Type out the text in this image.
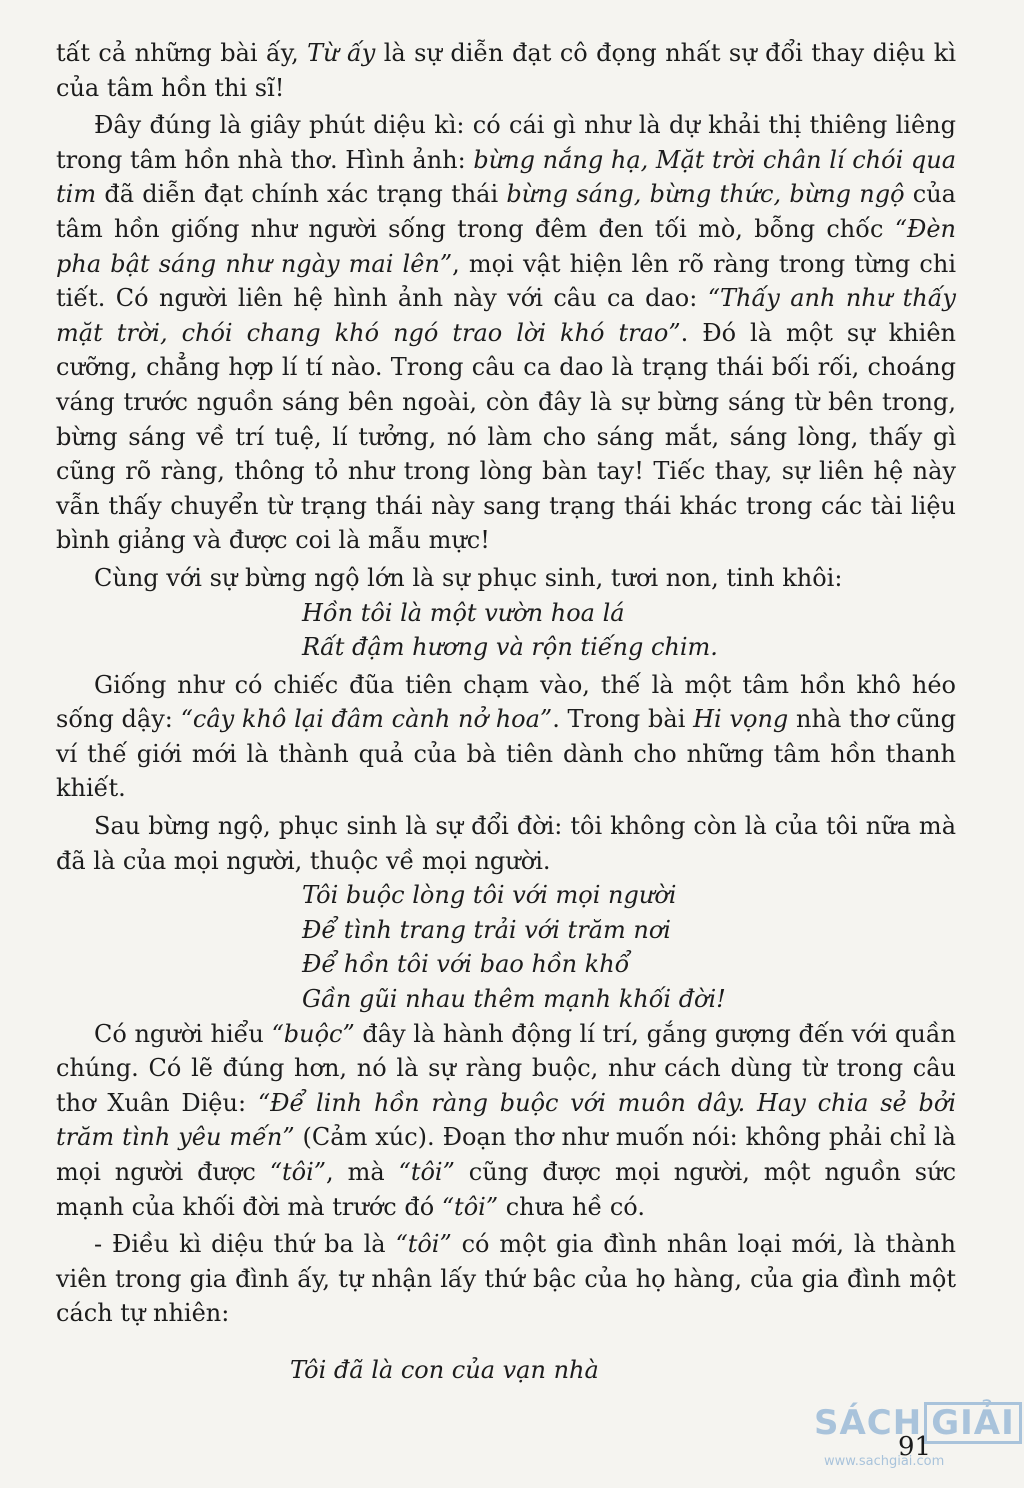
tất cả những bài ấy, Từ ấy là sự diễn đạt cô đọng nhất sự đổi thay diệu kì của tâm hồn thi sĩ!

Đây đúng là giây phút diệu kì: có cái gì như là dự khải thị thiêng liêng trong tâm hồn nhà thơ. Hình ảnh: bừng nắng hạ, Mặt trời chân lí chói qua tim đã diễn đạt chính xác trạng thái bừng sáng, bừng thức, bừng ngộ của tâm hồn giống như người sống trong đêm đen tối mò, bỗng chốc “Đèn pha bật sáng như ngày mai lên”, mọi vật hiện lên rõ ràng trong từng chi tiết. Có người liên hệ hình ảnh này với câu ca dao: “Thấy anh như thấy mặt trời, chói chang khó ngó trao lời khó trao”. Đó là một sự khiên cưỡng, chẳng hợp lí tí nào. Trong câu ca dao là trạng thái bối rối, choáng váng trước nguồn sáng bên ngoài, còn đây là sự bừng sáng từ bên trong, bừng sáng về trí tuệ, lí tưởng, nó làm cho sáng mắt, sáng lòng, thấy gì cũng rõ ràng, thông tỏ như trong lòng bàn tay! Tiếc thay, sự liên hệ này vẫn thấy chuyển từ trạng thái này sang trạng thái khác trong các tài liệu bình giảng và được coi là mẫu mực!

Cùng với sự bừng ngộ lớn là sự phục sinh, tươi non, tinh khôi:

Hồn tôi là một vườn hoa lá
Rất đậm hương và rộn tiếng chim.

Giống như có chiếc đũa tiên chạm vào, thế là một tâm hồn khô héo sống dậy: “cây khô lại đâm cành nở hoa”. Trong bài Hi vọng nhà thơ cũng ví thế giới mới là thành quả của bà tiên dành cho những tâm hồn thanh khiết.

Sau bừng ngộ, phục sinh là sự đổi đời: tôi không còn là của tôi nữa mà đã là của mọi người, thuộc về mọi người.

Tôi buộc lòng tôi với mọi người
Để tình trang trải với trăm nơi
Để hồn tôi với bao hồn khổ
Gần gũi nhau thêm mạnh khối đời!

Có người hiểu “buộc” đây là hành động lí trí, gắng gượng đến với quần chúng. Có lẽ đúng hơn, nó là sự ràng buộc, như cách dùng từ trong câu thơ Xuân Diệu: “Để linh hồn ràng buộc với muôn dây. Hay chia sẻ bởi trăm tình yêu mến” (Cảm xúc). Đoạn thơ như muốn nói: không phải chỉ là mọi người được “tôi”, mà “tôi” cũng được mọi người, một nguồn sức mạnh của khối đời mà trước đó “tôi” chưa hề có.

- Điều kì diệu thứ ba là “tôi” có một gia đình nhân loại mới, là thành viên trong gia đình ấy, tự nhận lấy thứ bậc của họ hàng, của gia đình một cách tự nhiên:

Tôi đã là con của vạn nhà
SÁCH GIẢI
www.sachgiai.com
91
